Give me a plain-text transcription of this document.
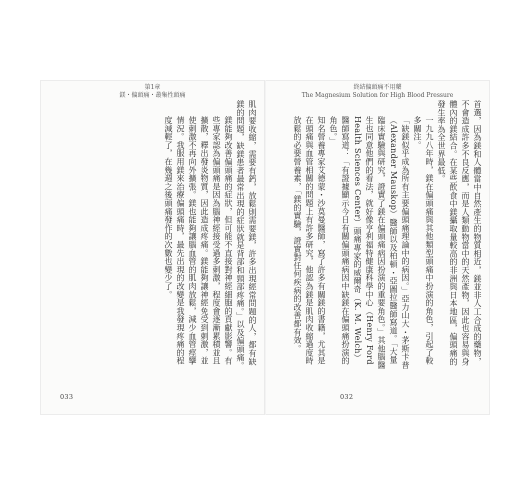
第1章
鎂・偏頭痛・叢集性頭痛

肌肉要收縮，需要有鈣，放鬆則需要鎂，許多出現經常問題的人，都有缺鎂的問題，缺鎂患者最常出現的症狀就是背部和頸部疼痛。」以及偏頭痛。

鎂能夠改善偏頭痛的症狀，但可能不直接對神經細胞的貢獻影響。有些專家認為偏頭痛是因為腦神經接受過多刺激，程度會逐漸累積並且擴散，釋出發炎物質，因此造成疼痛。鎂能夠讓神經免受到刺激，並使刺激不再向外擴張。鎂也能夠讓腦血管的肌肉放鬆，減少血管痙攣情況。我服用鎂來治療偏頭痛時，最先出現的改變是我發現疼痛的程度減輕了，在幾週之後頭痛發作的次數也變少了。

033
終結偏頭痛不用藥
The Magnesium Solution for High Blood Pressure

首選，因為鎂和人體當中自然產生的物質相近，鎂並非人工合成的藥物，不會造成許多不良反應，而是人類動物當中的天然產物，因此也容易與身體內的鎂結合。在某些飲食中鎂攝取量較高的非洲與日本地區，偏頭痛的發生率為全世界最低。

一九九八年時，鎂在偏頭痛與其他類型頭痛中扮演的角色，引起了較多關注。

「缺鎂似乎成為所有主要偏頭痛理論中的病因。」亞力山大・茅斯卡普（Alexander Mauskop）醫師以及柏頓・亞圖拉醫師寫道。「大量臨床實驗與研究，證實了鎂在偏頭痛病因扮演的重要角色。」其他腦醫生也同意他們的看法，就好像亨利福特健康科學中心（Henry Ford Health Sciences Center）頭痛專家的威爾奇（K. M. Welch）醫師寫道：「有證據顯示今日有關偏頭痛病因中缺鎂在偏頭痛扮演的角色。」

知名營養專家艾德蒙・沙莫曼醫師，寫了許多有關鎂的書籍，尤其是在頭痛與血管相關的問題上有許多研究，他認為鎂是肌肉收縮過度時放鬆的必要營養素，「鎂的實驗，證實對任何疾病的改善都有效。

032
